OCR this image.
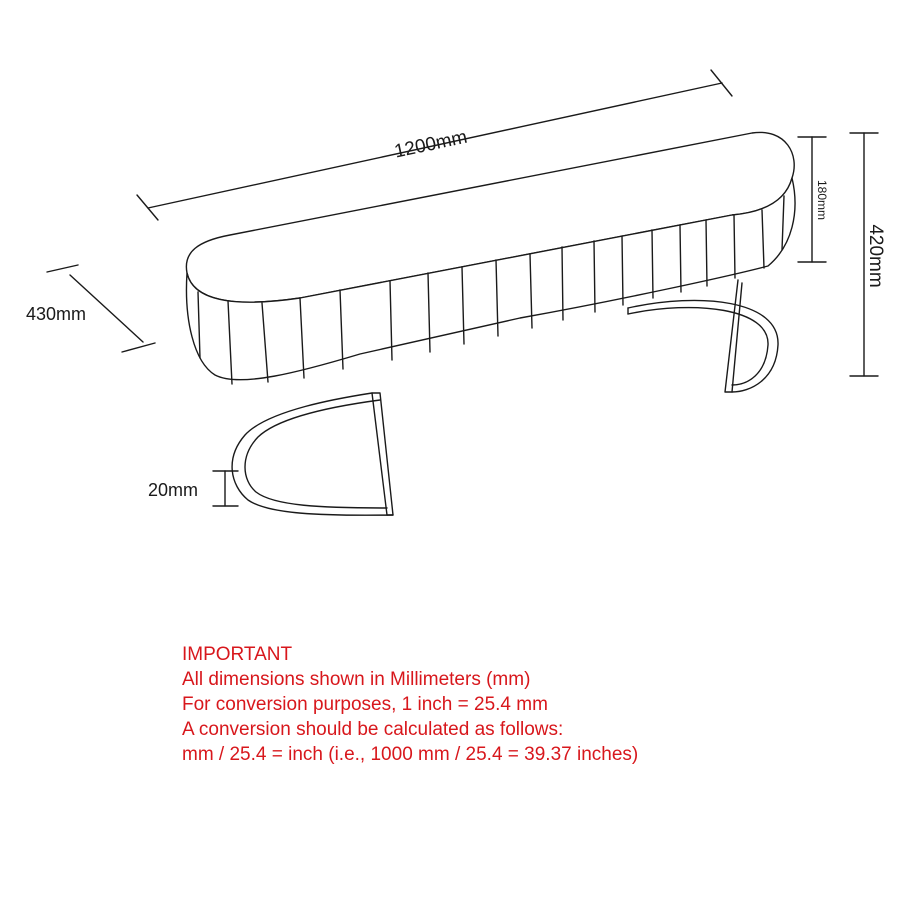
1200mm
430mm
180mm
420mm
20mm
IMPORTANT
All dimensions shown in Millimeters (mm)
For conversion purposes, 1 inch = 25.4 mm
A conversion should be calculated as follows:
mm / 25.4 = inch (i.e., 1000 mm / 25.4 = 39.37 inches)
